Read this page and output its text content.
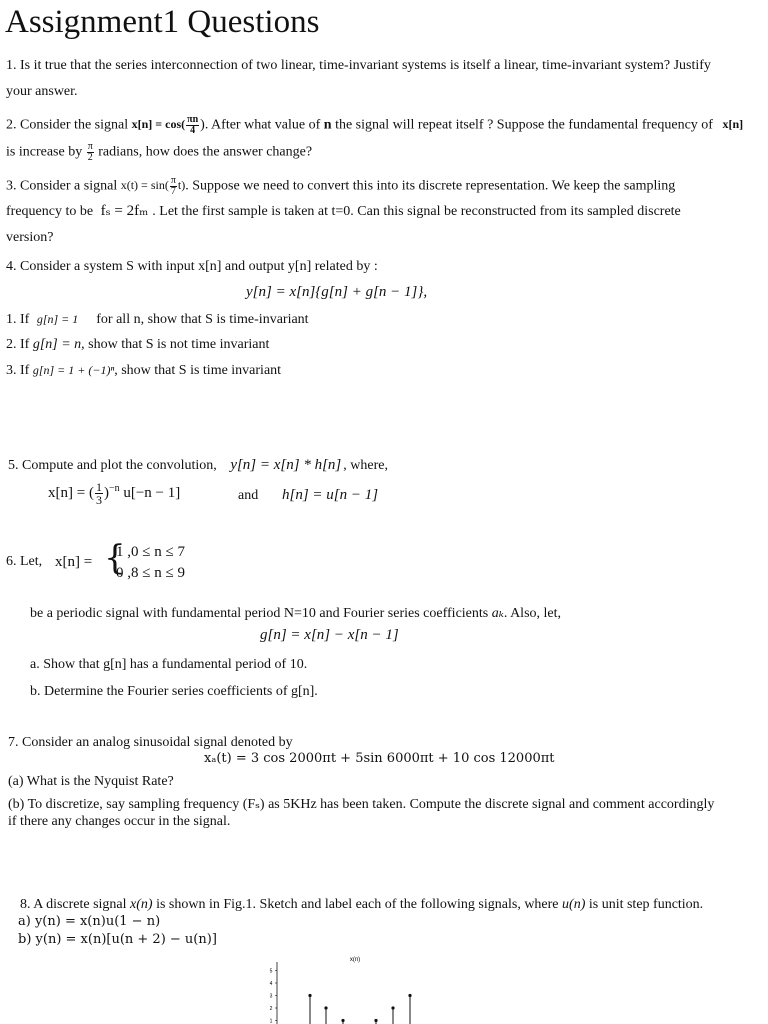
Assignment1 Questions
1. Is it true that the series interconnection of two linear, time-invariant systems is itself a linear, time-invariant system? Justify
your answer.
2. Consider the signal $x[n] = \cos( \frac{\pi n}{4}$ ). After what value of n the signal will repeat itself ? Suppose the fundamental frequency of x[n]
is increase by $\frac{\pi}{2}$ radians, how does the answer change?
3. Consider a signal $x(t) = \sin( \frac{\pi}{7} t)$. Suppose we need to convert this into its discrete representation. We keep the sampling
frequency to be fₛ = 2fₘ . Let the first sample is taken at t=0. Can this signal be reconstructed from its sampled discrete
version?
4. Consider a system S with input x[n] and output y[n] related by :
y[n] = x[n]{g[n] + g[n − 1]},
1. If g[n] = 1 for all n, show that S is time-invariant
2. If g[n] = n, show that S is not time invariant
3. If g[n] = 1 + (−1)ⁿ, show that S is time invariant
5. Compute and plot the convolution, y[n] = x[n] * h[n] , where,
x[n] = ( $\frac{1}{3} )^{-n}$ u[−n − 1]	and h[n] = u[n − 1]
6. Let, x[n] = {
1 ,0 ≤ n ≤ 7
0 ,8 ≤ n ≤ 9
be a periodic signal with fundamental period N=10 and Fourier series coefficients aₖ. Also, let,
g[n] = x[n] − x[n − 1]
a. Show that g[n] has a fundamental period of 10.
b. Determine the Fourier series coefficients of g[n].
7. Consider an analog sinusoidal signal denoted by
xₐ(t) = 3 cos 2000πt + 5sin 6000πt + 10 cos 12000πt
(a) What is the Nyquist Rate?
(b) To discretize, say sampling frequency (Fₛ) as 5KHz has been taken. Compute the discrete signal and comment accordingly
if there any changes occur in the signal.
8. A discrete signal x(n) is shown in Fig.1. Sketch and label each of the following signals, where u(n) is unit step function.
a) y(n) = x(n)u(1 − n)
b) y(n) = x(n)[u(n + 2) − u(n)]
x(n)
1
2
3
4
5
